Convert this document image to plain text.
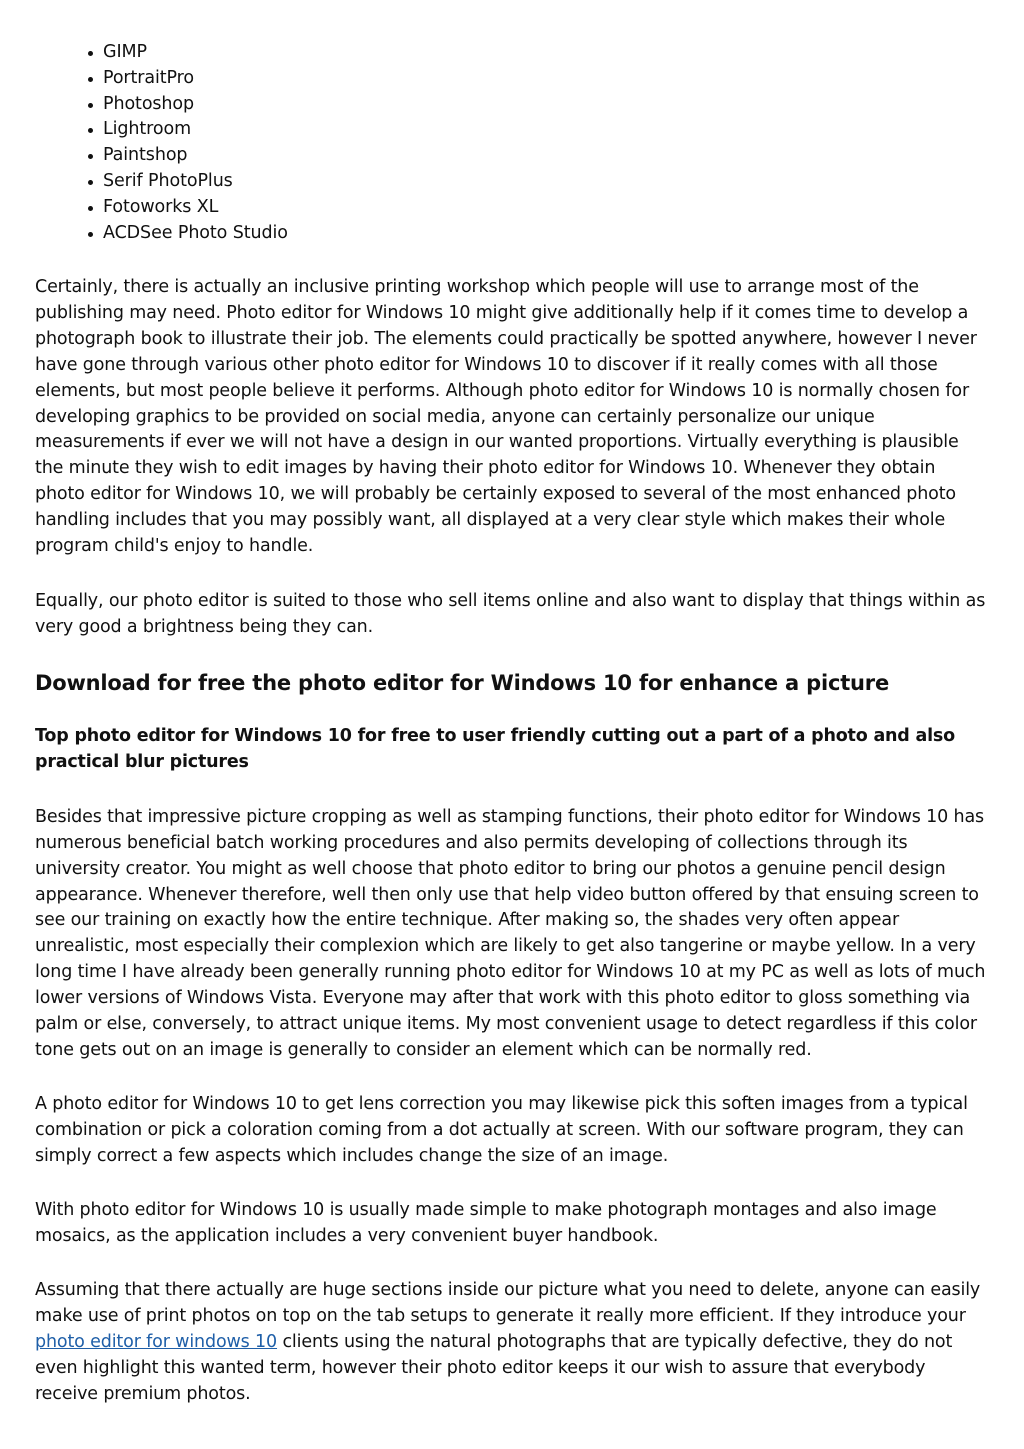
GIMP
PortraitPro
Photoshop
Lightroom
Paintshop
Serif PhotoPlus
Fotoworks XL
ACDSee Photo Studio

Certainly, there is actually an inclusive printing workshop which people will use to arrange most of the publishing may need. Photo editor for Windows 10 might give additionally help if it comes time to develop a photograph book to illustrate their job. The elements could practically be spotted anywhere, however I never have gone through various other photo editor for Windows 10 to discover if it really comes with all those elements, but most people believe it performs. Although photo editor for Windows 10 is normally chosen for developing graphics to be provided on social media, anyone can certainly personalize our unique measurements if ever we will not have a design in our wanted proportions. Virtually everything is plausible the minute they wish to edit images by having their photo editor for Windows 10. Whenever they obtain photo editor for Windows 10, we will probably be certainly exposed to several of the most enhanced photo handling includes that you may possibly want, all displayed at a very clear style which makes their whole program child's enjoy to handle.

Equally, our photo editor is suited to those who sell items online and also want to display that things within as very good a brightness being they can.

Download for free the photo editor for Windows 10 for enhance a picture
Top photo editor for Windows 10 for free to user friendly cutting out a part of a photo and also practical blur pictures

Besides that impressive picture cropping as well as stamping functions, their photo editor for Windows 10 has numerous beneficial batch working procedures and also permits developing of collections through its university creator. You might as well choose that photo editor to bring our photos a genuine pencil design appearance. Whenever therefore, well then only use that help video button offered by that ensuing screen to see our training on exactly how the entire technique. After making so, the shades very often appear unrealistic, most especially their complexion which are likely to get also tangerine or maybe yellow. In a very long time I have already been generally running photo editor for Windows 10 at my PC as well as lots of much lower versions of Windows Vista. Everyone may after that work with this photo editor to gloss something via palm or else, conversely, to attract unique items. My most convenient usage to detect regardless if this color tone gets out on an image is generally to consider an element which can be normally red.

A photo editor for Windows 10 to get lens correction you may likewise pick this soften images from a typical combination or pick a coloration coming from a dot actually at screen. With our software program, they can simply correct a few aspects which includes change the size of an image.

With photo editor for Windows 10 is usually made simple to make photograph montages and also image mosaics, as the application includes a very convenient buyer handbook.

Assuming that there actually are huge sections inside our picture what you need to delete, anyone can easily make use of print photos on top on the tab setups to generate it really more efficient. If they introduce your photo editor for windows 10 clients using the natural photographs that are typically defective, they do not even highlight this wanted term, however their photo editor keeps it our wish to assure that everybody receive premium photos.
